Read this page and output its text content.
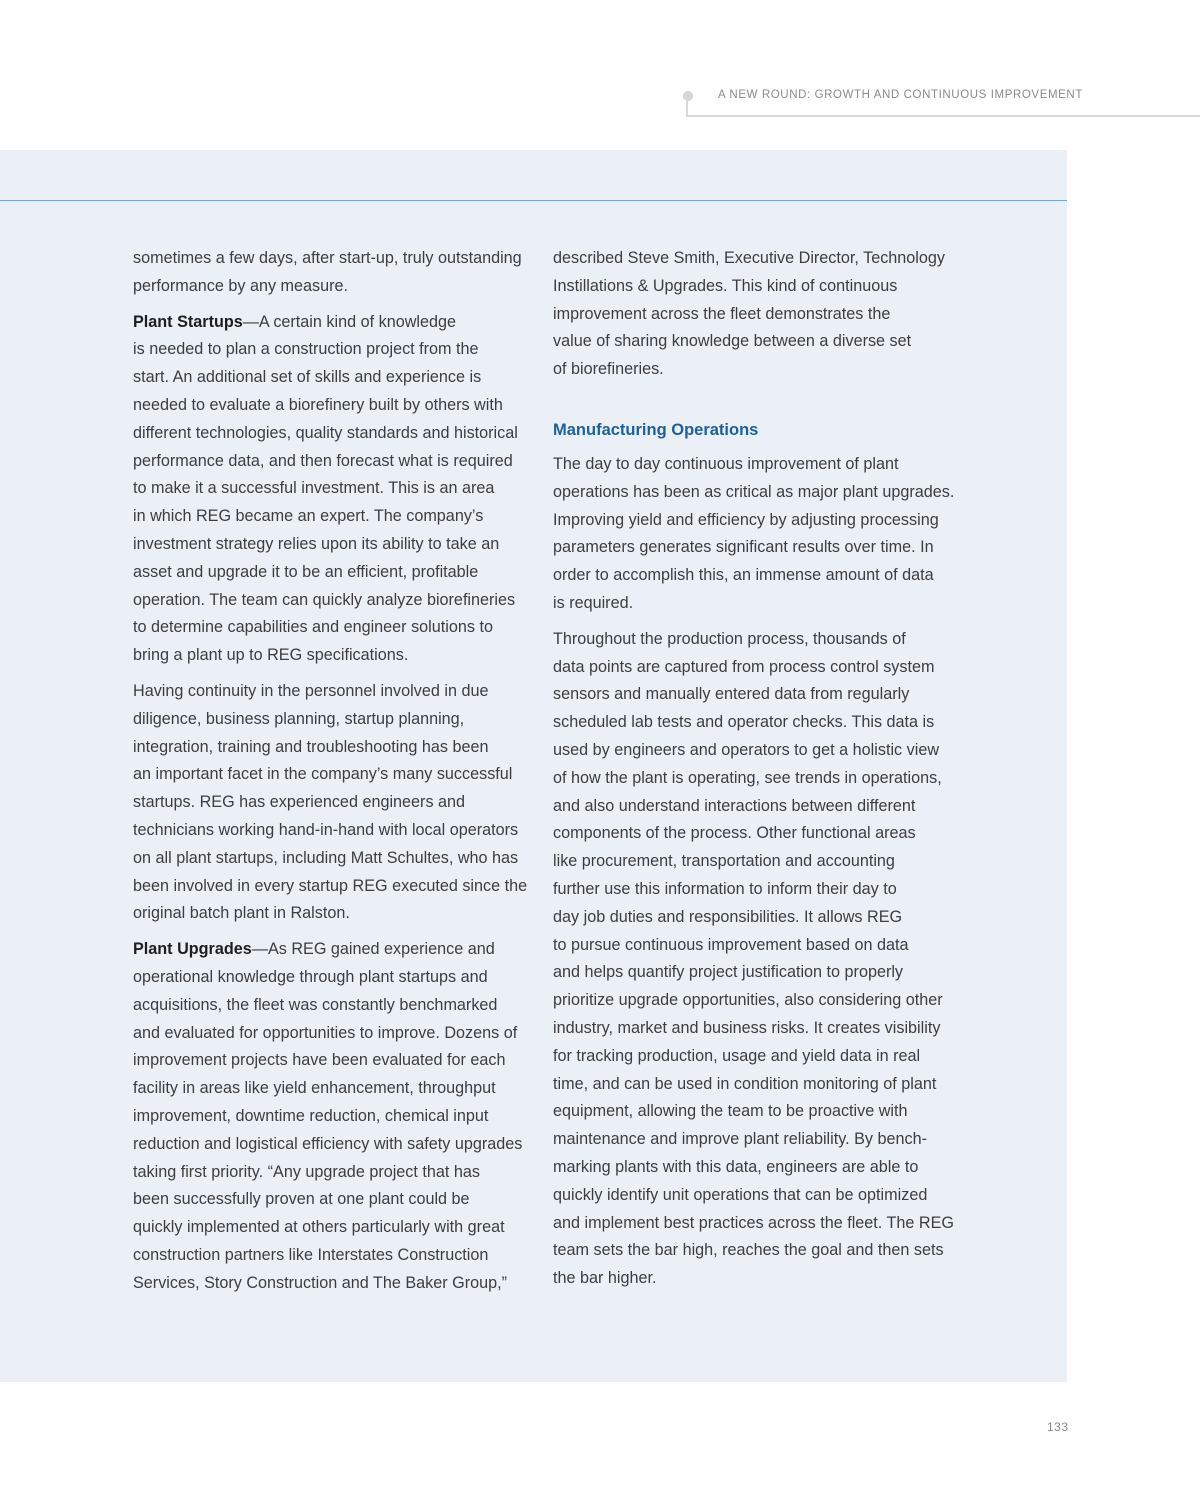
A NEW ROUND: GROWTH AND CONTINUOUS IMPROVEMENT

sometimes a few days, after start-up, truly outstanding
performance by any measure.

Plant Startups—A certain kind of knowledge
is needed to plan a construction project from the
start. An additional set of skills and experience is
needed to evaluate a biorefinery built by others with
different technologies, quality standards and historical
performance data, and then forecast what is required
to make it a successful investment. This is an area
in which REG became an expert. The company’s
investment strategy relies upon its ability to take an
asset and upgrade it to be an efficient, profitable
operation. The team can quickly analyze biorefineries
to determine capabilities and engineer solutions to
bring a plant up to REG specifications.

Having continuity in the personnel involved in due
diligence, business planning, startup planning,
integration, training and troubleshooting has been
an important facet in the company’s many successful
startups. REG has experienced engineers and
technicians working hand-in-hand with local operators
on all plant startups, including Matt Schultes, who has
been involved in every startup REG executed since the
original batch plant in Ralston.

Plant Upgrades—As REG gained experience and
operational knowledge through plant startups and
acquisitions, the fleet was constantly benchmarked
and evaluated for opportunities to improve. Dozens of
improvement projects have been evaluated for each
facility in areas like yield enhancement, throughput
improvement, downtime reduction, chemical input
reduction and logistical efficiency with safety upgrades
taking first priority. “Any upgrade project that has
been successfully proven at one plant could be
quickly implemented at others particularly with great
construction partners like Interstates Construction
Services, Story Construction and The Baker Group,”

described Steve Smith, Executive Director, Technology
Instillations & Upgrades. This kind of continuous
improvement across the fleet demonstrates the
value of sharing knowledge between a diverse set
of biorefineries.

Manufacturing Operations

The day to day continuous improvement of plant
operations has been as critical as major plant upgrades.
Improving yield and efficiency by adjusting processing
parameters generates significant results over time. In
order to accomplish this, an immense amount of data
is required.

Throughout the production process, thousands of
data points are captured from process control system
sensors and manually entered data from regularly
scheduled lab tests and operator checks. This data is
used by engineers and operators to get a holistic view
of how the plant is operating, see trends in operations,
and also understand interactions between different
components of the process. Other functional areas
like procurement, transportation and accounting
further use this information to inform their day to
day job duties and responsibilities. It allows REG
to pursue continuous improvement based on data
and helps quantify project justification to properly
prioritize upgrade opportunities, also considering other
industry, market and business risks. It creates visibility
for tracking production, usage and yield data in real
time, and can be used in condition monitoring of plant
equipment, allowing the team to be proactive with
maintenance and improve plant reliability. By bench-
marking plants with this data, engineers are able to
quickly identify unit operations that can be optimized
and implement best practices across the fleet. The REG
team sets the bar high, reaches the goal and then sets
the bar higher.

133
